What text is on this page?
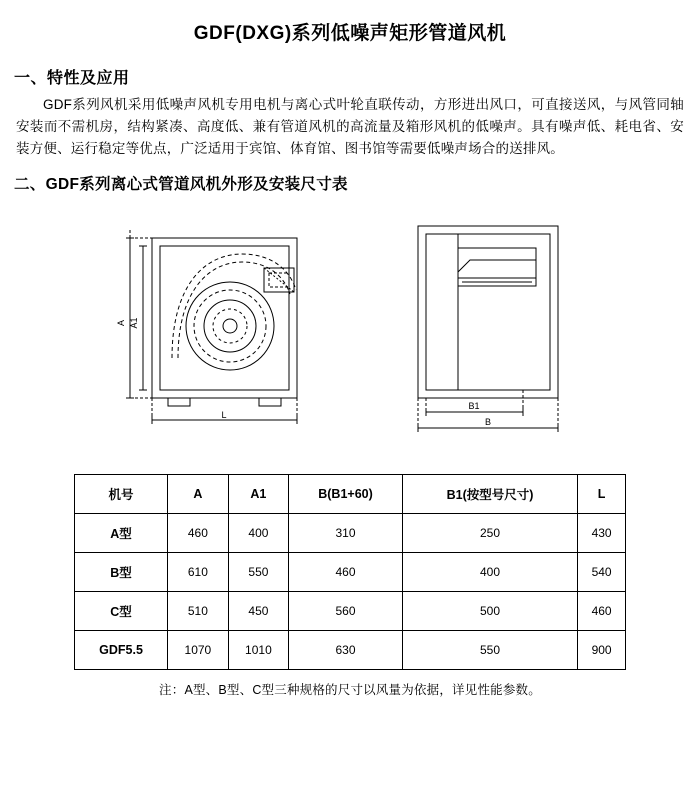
GDF(DXG)系列低噪声矩形管道风机
一、特性及应用
GDF系列风机采用低噪声风机专用电机与离心式叶轮直联传动，方形进出风口，可直接送风，与风管同轴安装而不需机房，结构紧凑、高度低、兼有管道风机的高流量及箱形风机的低噪声。具有噪声低、耗电省、安装方便、运行稳定等优点，广泛适用于宾馆、体育馆、图书馆等需要低噪声场合的送排风。
二、GDF系列离心式管道风机外形及安装尺寸表
A A1
L
B1
B
机号	A	A1	B(B1+60)	B1(按型号尺寸)	L
A型	460	400	310	250	430
B型	610	550	460	400	540
C型	510	450	560	500	460
GDF5.5	1070	1010	630	550	900
注：A型、B型、C型三种规格的尺寸以风量为依据，详见性能参数。
